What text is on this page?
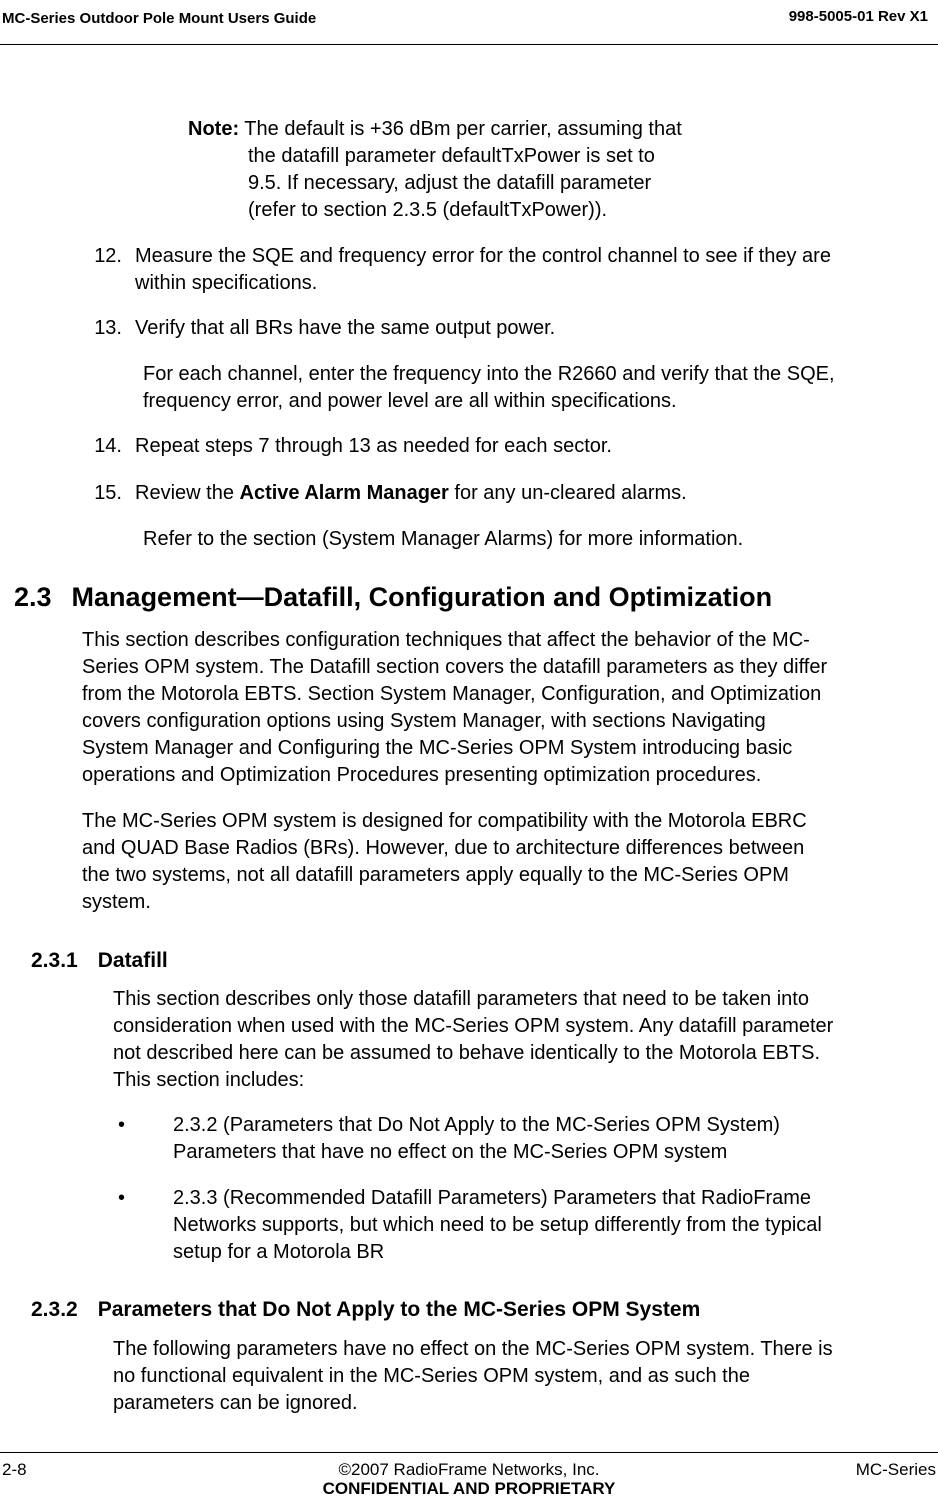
MC-Series Outdoor Pole Mount Users Guide	998-5005-01 Rev X1
Note: The default is +36 dBm per carrier, assuming that
the datafill parameter defaultTxPower is set to
9.5. If necessary, adjust the datafill parameter
(refer to section 2.3.5 (defaultTxPower)).
12. Measure the SQE and frequency error for the control channel to see if they are
within specifications.
13. Verify that all BRs have the same output power.
For each channel, enter the frequency into the R2660 and verify that the SQE,
frequency error, and power level are all within specifications.
14. Repeat steps 7 through 13 as needed for each sector.
15. Review the Active Alarm Manager for any un-cleared alarms.
Refer to the section (System Manager Alarms) for more information.
2.3 Management—Datafill, Configuration and Optimization
This section describes configuration techniques that affect the behavior of the MC-
Series OPM system. The Datafill section covers the datafill parameters as they differ
from the Motorola EBTS. Section System Manager, Configuration, and Optimization
covers configuration options using System Manager, with sections Navigating
System Manager and Configuring the MC-Series OPM System introducing basic
operations and Optimization Procedures presenting optimization procedures.
The MC-Series OPM system is designed for compatibility with the Motorola EBRC
and QUAD Base Radios (BRs). However, due to architecture differences between
the two systems, not all datafill parameters apply equally to the MC-Series OPM
system.
2.3.1 Datafill
This section describes only those datafill parameters that need to be taken into
consideration when used with the MC-Series OPM system. Any datafill parameter
not described here can be assumed to behave identically to the Motorola EBTS.
This section includes:
• 2.3.2 (Parameters that Do Not Apply to the MC-Series OPM System)
Parameters that have no effect on the MC-Series OPM system
• 2.3.3 (Recommended Datafill Parameters) Parameters that RadioFrame
Networks supports, but which need to be setup differently from the typical
setup for a Motorola BR
2.3.2 Parameters that Do Not Apply to the MC-Series OPM System
The following parameters have no effect on the MC-Series OPM system. There is
no functional equivalent in the MC-Series OPM system, and as such the
parameters can be ignored.
2-8	©2007 RadioFrame Networks, Inc.
CONFIDENTIAL AND PROPRIETARY
MC-Series
